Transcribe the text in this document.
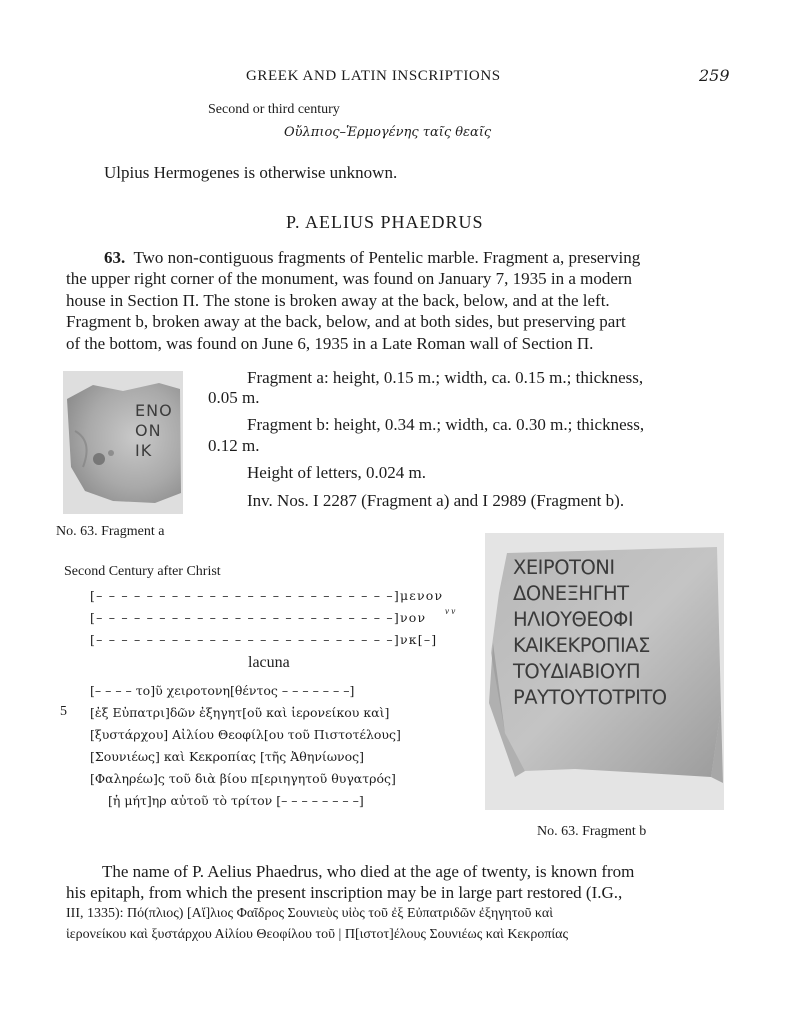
GREEK AND LATIN INSCRIPTIONS	259
Second or third century
Οὔλπιος–Ἑρμογένης ταῖς θεαῖς
Ulpius Hermogenes is otherwise unknown.
P. AELIUS PHAEDRUS
63. Two non-contiguous fragments of Pentelic marble. Fragment a, preserving
the upper right corner of the monument, was found on January 7, 1935 in a modern
house in Section Π. The stone is broken away at the back, below, and at the left.
Fragment b, broken away at the back, below, and at both sides, but preserving part
of the bottom, was found on June 6, 1935 in a Late Roman wall of Section Π.
ΕΝΟ
ΟΝ
ΙΚ
No. 63. Fragment a
Fragment a: height, 0.15 m.; width, ca. 0.15 m.; thickness,
0.05 m.
Fragment b: height, 0.34 m.; width, ca. 0.30 m.; thickness,
0.12 m.
Height of letters, 0.024 m.
Inv. Nos. I 2287 (Fragment a) and I 2989 (Fragment b).
ΧΕΙΡΟΤΟΝΙ
ΔΟΝΕΞΗΓΗΤ
ΗΛΙΟΥΘΕΟΦΙ
ΚΑΙΚΕΚΡΟΠΙΑΣ
ΤΟΥΔΙΑΒΙΟΥΠ
ΡΑΥΤΟΥΤΟΤΡΙΤΟ
No. 63. Fragment b
Second Century after Christ
[– – – – – – – – – – – – – – – – – – – – – – – –]μενον
[– – – – – – – – – – – – – – – – – – – – – – – –]νον v v
[– – – – – – – – – – – – – – – – – – – – – – – –]νκ[–]
lacuna
[– – – – το]ῦ χειροτονη[θέντος – – – – – – –]
5 [ἐξ Εὐπατρι]δῶν ἐξηγητ[οῦ καὶ ἱερονείκου καὶ]
[ξυστάρχου] Αἰλίου Θεοφίλ[ου τοῦ Πιστοτέλους]
[Σουνιέως] καὶ Κεκροπίας [τῆς Ἀθηνίωνος]
[Φαληρέω]ς τοῦ διὰ βίου π[εριηγητοῦ θυγατρός]
[ἡ μήτ]ηρ αὐτοῦ τὸ τρίτον [– – – – – – – –]
The name of P. Aelius Phaedrus, who died at the age of twenty, is known from
his epitaph, from which the present inscription may be in large part restored (I.G.,
III, 1335): Πό(πλιος) [Αἴ]λιος Φαῖδρος Σουνιεὺς υἱὸς τοῦ ἐξ Εὐπατριδῶν ἐξηγητοῦ καὶ
ἱερονείκου καὶ ξυστάρχου Αἰλίου Θεοφίλου τοῦ | Π[ιστοτ]έλους Σουνιέως καὶ Κεκροπίας
